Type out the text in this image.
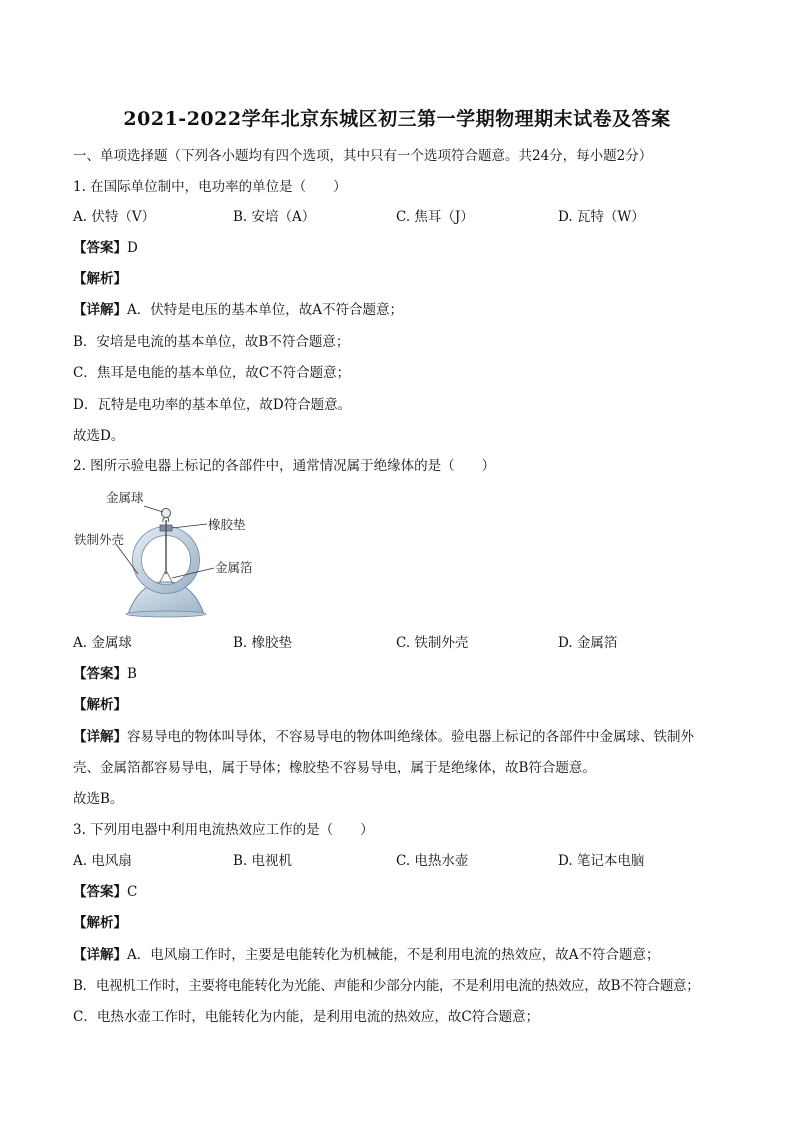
2021-2022学年北京东城区初三第一学期物理期末试卷及答案
一、单项选择题（下列各小题均有四个选项，其中只有一个选项符合题意。共24分，每小题2分）
1. 在国际单位制中，电功率的单位是（　　）
A. 伏特（V）	B. 安培（A）	C. 焦耳（J）	D. 瓦特（W）
【答案】D
【解析】
【详解】A．伏特是电压的基本单位，故A不符合题意；
B．安培是电流的基本单位，故B不符合题意；
C．焦耳是电能的基本单位，故C不符合题意；
D．瓦特是电功率的基本单位，故D符合题意。
故选D。
2. 图所示验电器上标记的各部件中，通常情况属于绝缘体的是（　　）
金属球
橡胶垫
铁制外壳
金属箔
A. 金属球	B. 橡胶垫	C. 铁制外壳	D. 金属箔
【答案】B
【解析】
【详解】容易导电的物体叫导体，不容易导电的物体叫绝缘体。验电器上标记的各部件中金属球、铁制外
壳、金属箔都容易导电，属于导体；橡胶垫不容易导电，属于是绝缘体，故B符合题意。
故选B。
3. 下列用电器中利用电流热效应工作的是（　　）
A. 电风扇	B. 电视机	C. 电热水壶	D. 笔记本电脑
【答案】C
【解析】
【详解】A．电风扇工作时，主要是电能转化为机械能，不是利用电流的热效应，故A不符合题意；
B．电视机工作时，主要将电能转化为光能、声能和少部分内能，不是利用电流的热效应，故B不符合题意；
C．电热水壶工作时，电能转化为内能，是利用电流的热效应，故C符合题意；
